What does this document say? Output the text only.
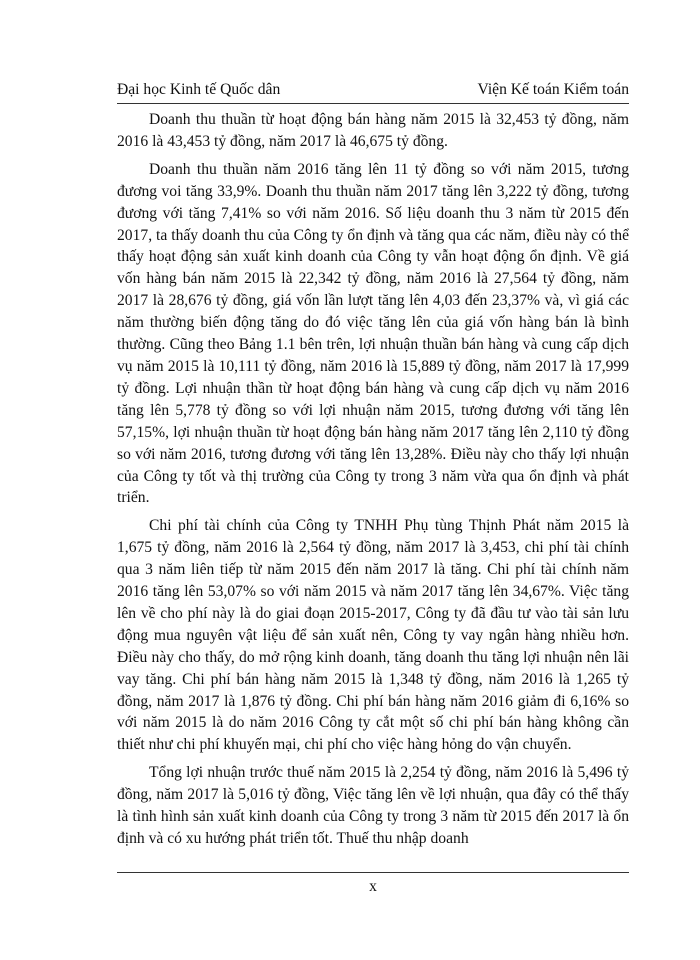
Đại học Kinh tế Quốc dân	Viện Kế toán Kiểm toán

Doanh thu thuần từ hoạt động bán hàng năm 2015 là 32,453 tỷ đồng, năm 2016 là 43,453 tỷ đồng, năm 2017 là 46,675 tỷ đồng.

Doanh thu thuần năm 2016 tăng lên 11 tỷ đồng so với năm 2015, tương đương voi tăng 33,9%. Doanh thu thuần năm 2017 tăng lên 3,222 tỷ đồng, tương đương với tăng 7,41% so với năm 2016. Số liệu doanh thu 3 năm từ 2015 đến 2017, ta thấy doanh thu của Công ty ổn định và tăng qua các năm, điều này có thể thấy hoạt động sản xuất kinh doanh của Công ty vẫn hoạt động ổn định. Về giá vốn hàng bán năm 2015 là 22,342 tỷ đồng, năm 2016 là 27,564 tỷ đồng, năm 2017 là 28,676 tỷ đồng, giá vốn lần lượt tăng lên 4,03 đến 23,37% và, vì giá các năm thường biến động tăng do đó việc tăng lên của giá vốn hàng bán là bình thường. Cũng theo Bảng 1.1 bên trên, lợi nhuận thuần bán hàng và cung cấp dịch vụ năm 2015 là 10,111 tỷ đồng, năm 2016 là 15,889 tỷ đồng, năm 2017 là 17,999 tỷ đồng. Lợi nhuận thần từ hoạt động bán hàng và cung cấp dịch vụ năm 2016 tăng lên 5,778 tỷ đồng so với lợi nhuận năm 2015, tương đương với tăng lên 57,15%, lợi nhuận thuần từ hoạt động bán hàng năm 2017 tăng lên 2,110 tỷ đồng so với năm 2016, tương đương với tăng lên 13,28%. Điều này cho thấy lợi nhuận của Công ty tốt và thị trường của Công ty trong 3 năm vừa qua ổn định và phát triển.

Chi phí tài chính của Công ty TNHH Phụ tùng Thịnh Phát năm 2015 là 1,675 tỷ đồng, năm 2016 là 2,564 tỷ đồng, năm 2017 là 3,453, chi phí tài chính qua 3 năm liên tiếp từ năm 2015 đến năm 2017 là tăng. Chi phí tài chính năm 2016 tăng lên 53,07% so với năm 2015 và năm 2017 tăng lên 34,67%. Việc tăng lên về cho phí này là do giai đoạn 2015-2017, Công ty đã đầu tư vào tài sản lưu động mua nguyên vật liệu để sản xuất nên, Công ty vay ngân hàng nhiều hơn. Điều này cho thấy, do mở rộng kinh doanh, tăng doanh thu tăng lợi nhuận nên lãi vay tăng. Chi phí bán hàng năm 2015 là 1,348 tỷ đồng, năm 2016 là 1,265 tỷ đồng, năm 2017 là 1,876 tỷ đồng. Chi phí bán hàng năm 2016 giảm đi 6,16% so với năm 2015 là do năm 2016 Công ty cắt một số chi phí bán hàng không cần thiết như chi phí khuyến mại, chi phí cho việc hàng hỏng do vận chuyển.

Tổng lợi nhuận trước thuế năm 2015 là 2,254 tỷ đồng, năm 2016 là 5,496 tỷ đồng, năm 2017 là 5,016 tỷ đồng, Việc tăng lên về lợi nhuận, qua đây có thể thấy là tình hình sản xuất kinh doanh của Công ty trong 3 năm từ 2015 đến 2017 là ổn định và có xu hướng phát triển tốt. Thuế thu nhập doanh

x
